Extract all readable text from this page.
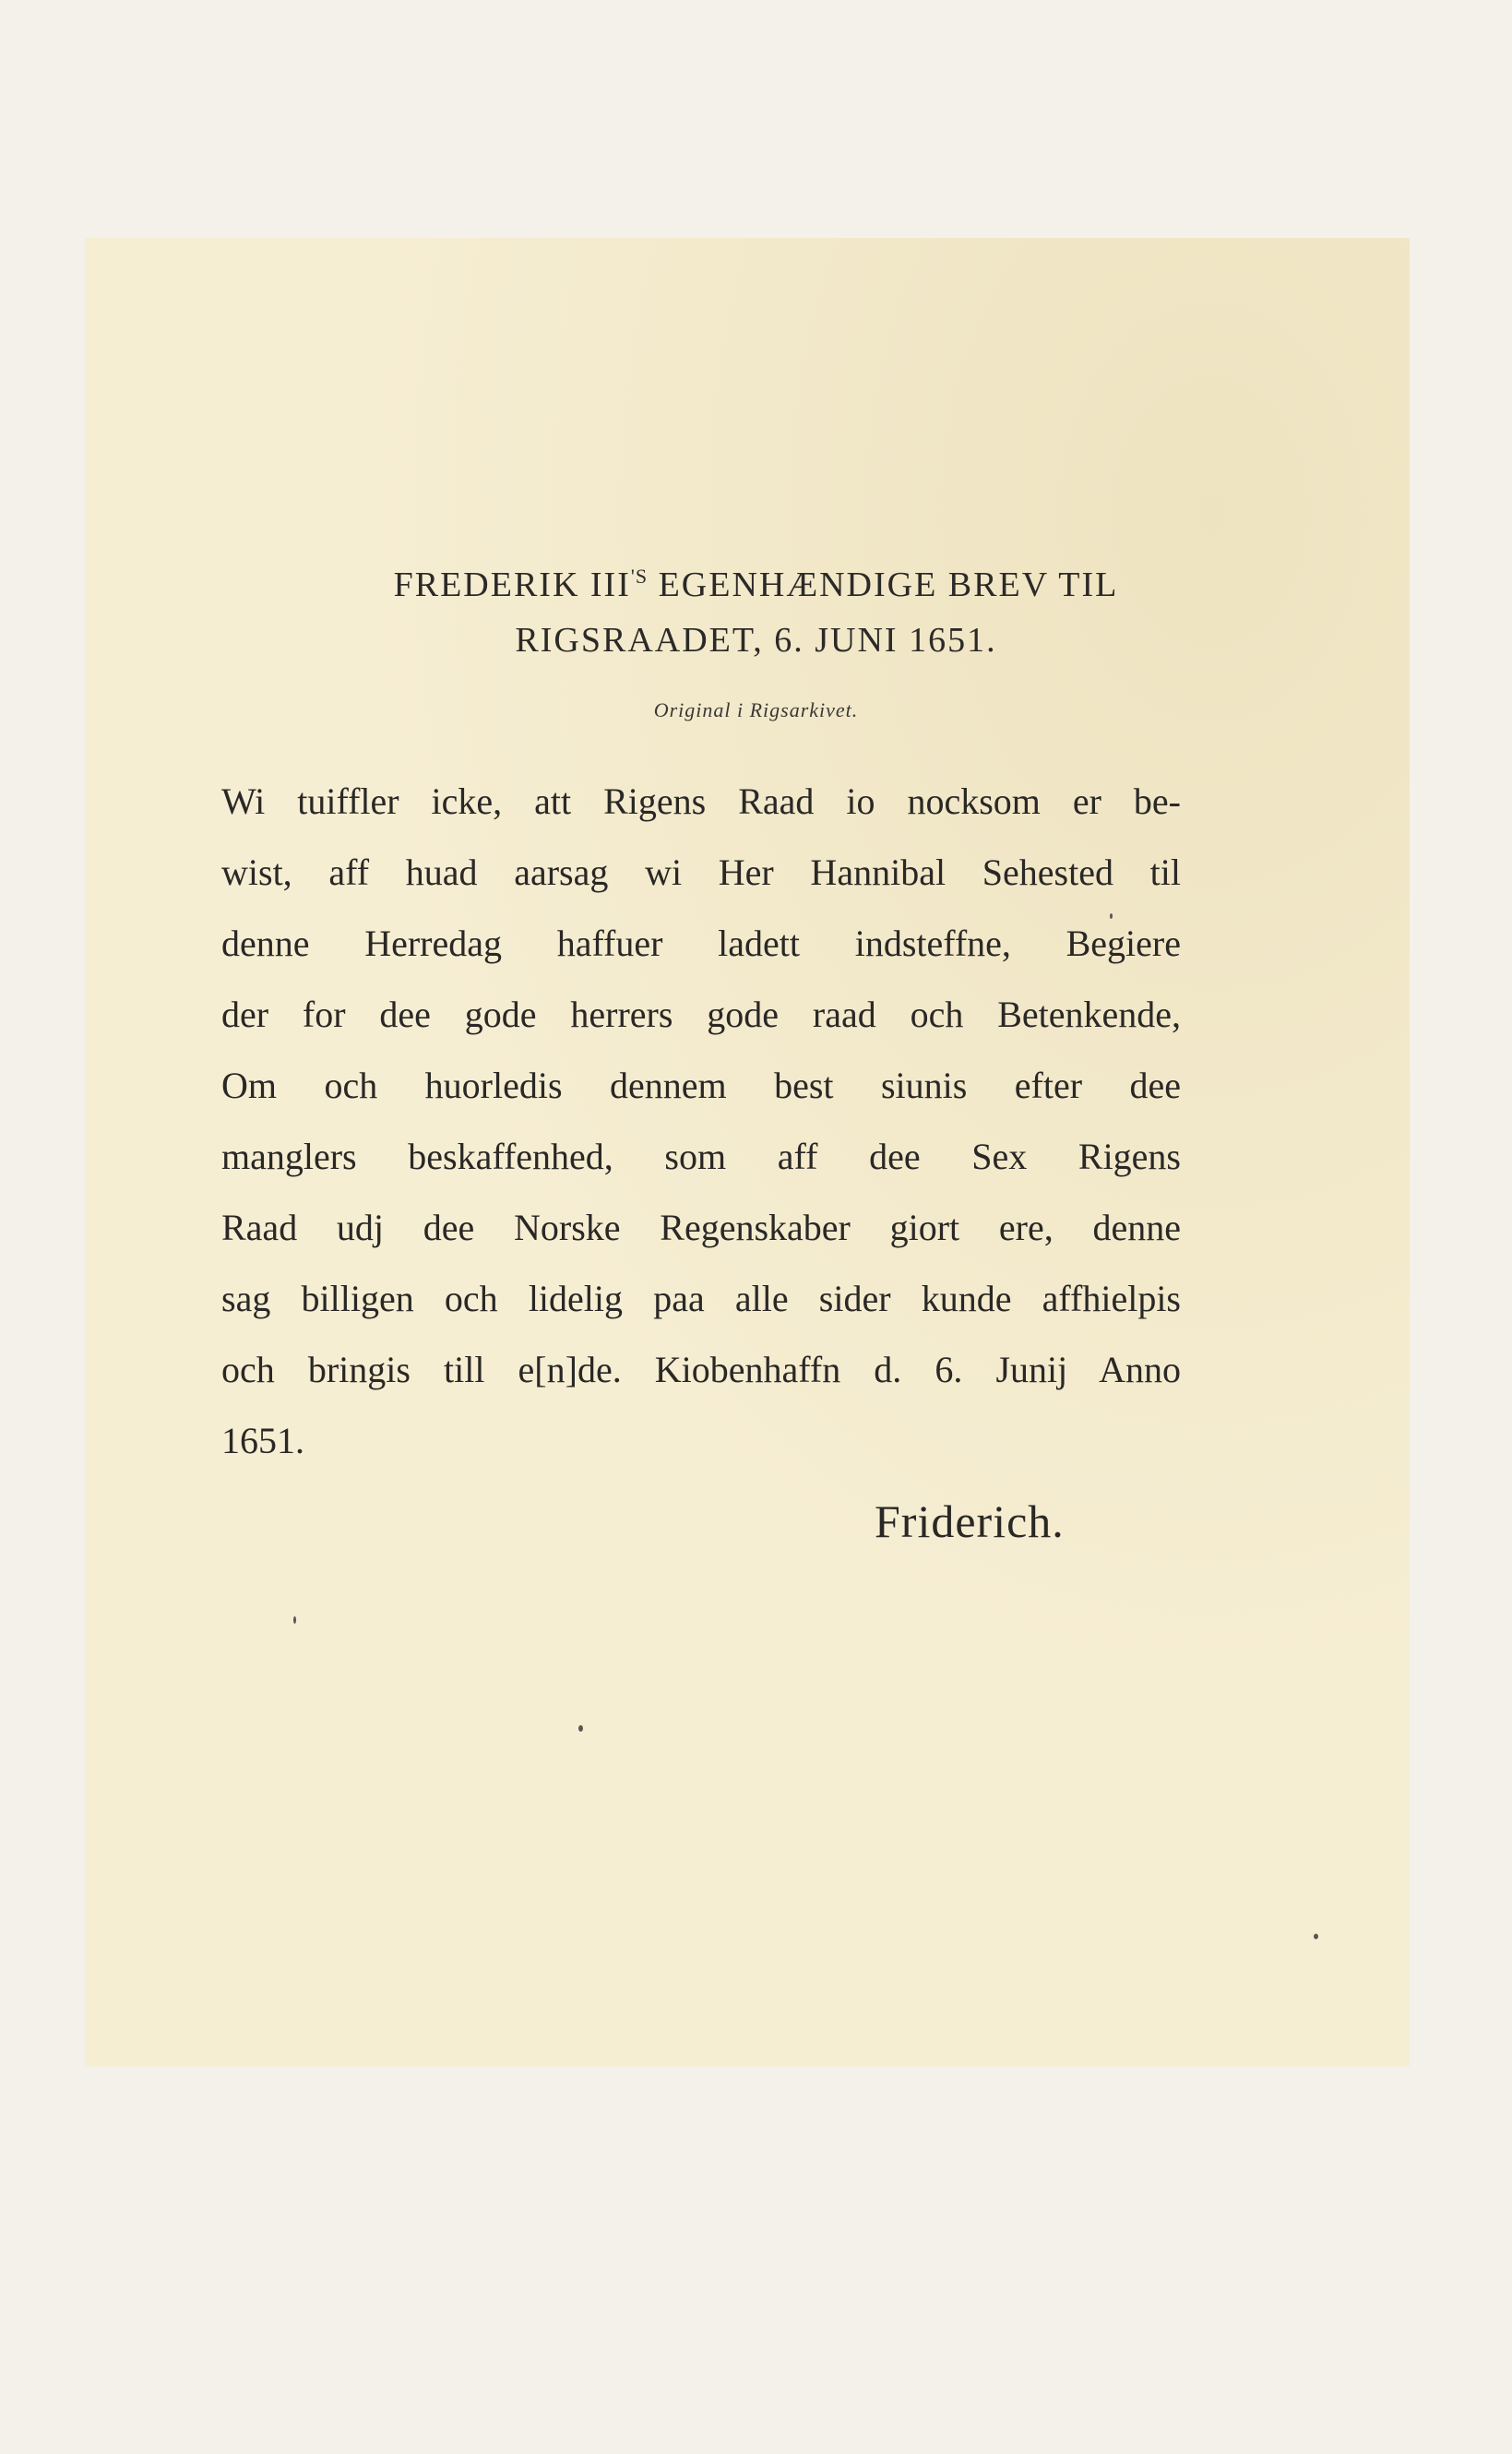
FREDERIK $III^{'S}$ EGENHÆNDIGE BREV TIL
RIGSRAADET, 6. JUNI 1651.
Original i Rigsarkivet.
Wi tuiffler icke, att Rigens Raad io nocksom er be-
wist, aff huad aarsag wi Her Hannibal Sehested til
denne Herredag haffuer ladett indsteffne, Begiere
der for dee gode herrers gode raad och Betenkende,
Om och huorledis dennem best siunis efter dee
manglers beskaffenhed, som aff dee Sex Rigens
Raad udj dee Norske Regenskaber giort ere, denne
sag billigen och lidelig paa alle sider kunde affhielpis
och bringis till e[n]de. Kiobenhaffn d. 6. Junij Anno
1651.
Friderich.
